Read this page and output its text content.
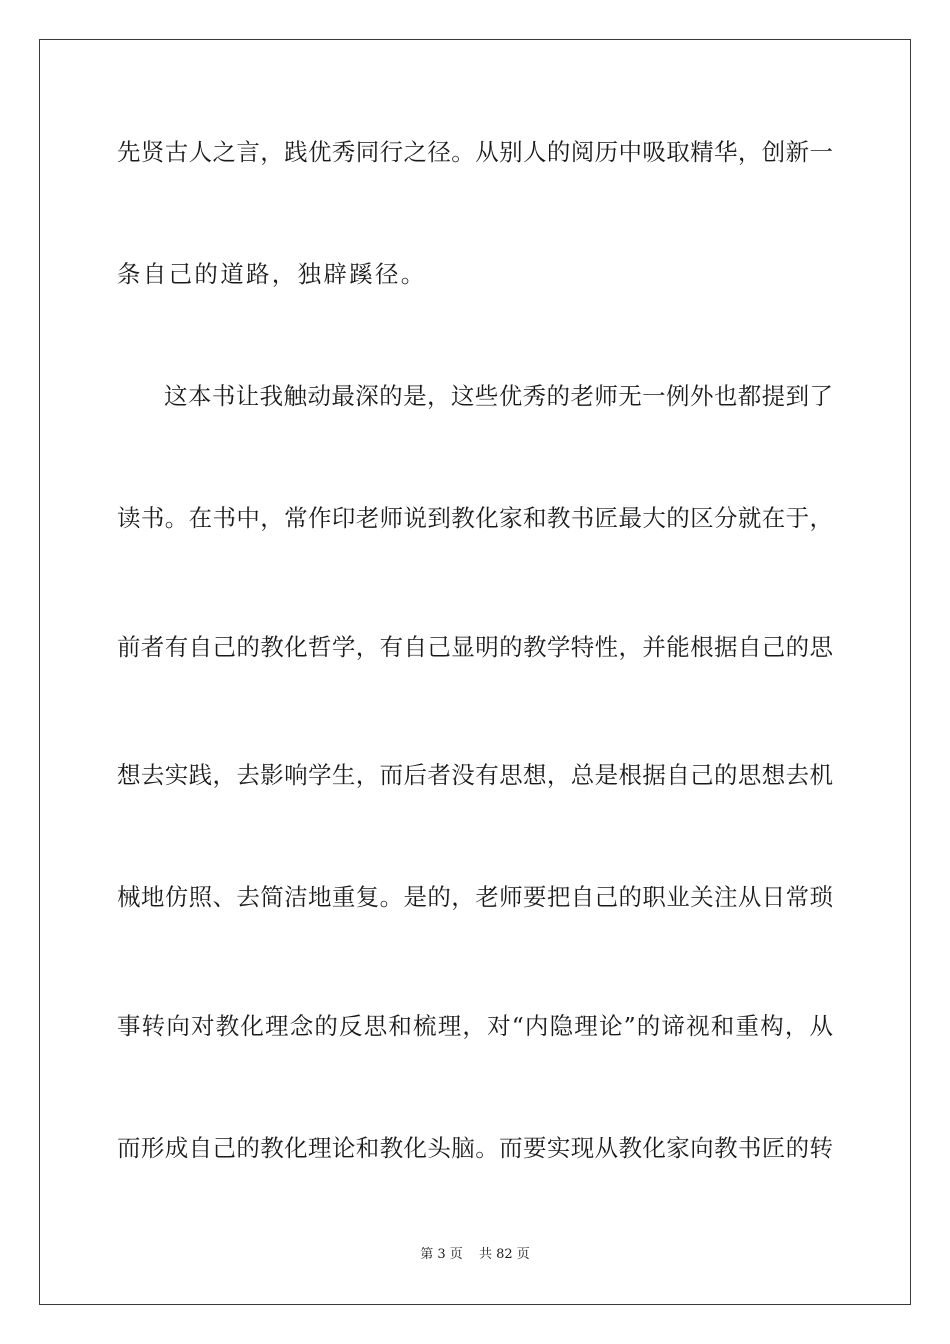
先贤古人之言，践优秀同行之径。从别人的阅历中吸取精华，创新一
条自己的道路，独辟蹊径。
这本书让我触动最深的是，这些优秀的老师无一例外也都提到了
读书。在书中，常作印老师说到教化家和教书匠最大的区分就在于，
前者有自己的教化哲学，有自己显明的教学特性，并能根据自己的思
想去实践，去影响学生，而后者没有思想，总是根据自己的思想去机
械地仿照、去简洁地重复。是的，老师要把自己的职业关注从日常琐
事转向对教化理念的反思和梳理，对“内隐理论”的谛视和重构，从
而形成自己的教化理论和教化头脑。而要实现从教化家向教书匠的转
第 3 页 共 82 页
